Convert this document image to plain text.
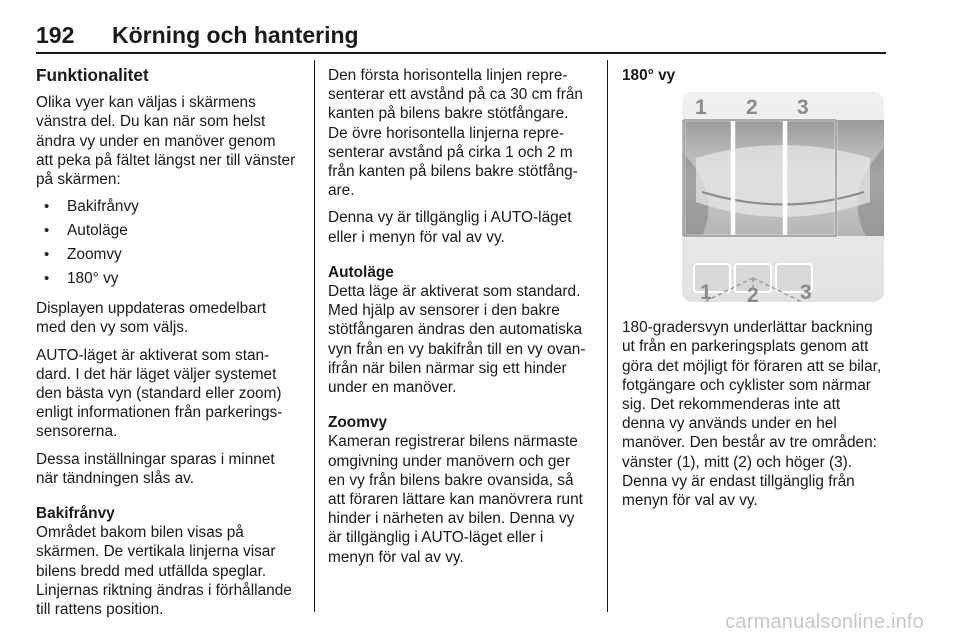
192 Körning och hantering
Funktionalitet

Olika vyer kan väljas i skärmens
vänstra del. Du kan när som helst
ändra vy under en manöver genom
att peka på fältet längst ner till vänster
på skärmen:

• Bakifrånvy
• Autoläge
• Zoomvy
• 180° vy

Displayen uppdateras omedelbart
med den vy som väljs.

AUTO-läget är aktiverat som stan-
dard. I det här läget väljer systemet
den bästa vyn (standard eller zoom)
enligt informationen från parkerings-
sensorerna.

Dessa inställningar sparas i minnet
när tändningen slås av.

Bakifrånvy

Området bakom bilen visas på
skärmen. De vertikala linjerna visar
bilens bredd med utfällda speglar.
Linjernas riktning ändras i förhållande
till rattens position.

Den första horisontella linjen repre-
senterar ett avstånd på ca 30 cm från
kanten på bilens bakre stötfångare.
De övre horisontella linjerna repre-
senterar avstånd på cirka 1 och 2 m
från kanten på bilens bakre stötfång-
are.

Denna vy är tillgänglig i AUTO-läget
eller i menyn för val av vy.

Autoläge

Detta läge är aktiverat som standard.
Med hjälp av sensorer i den bakre
stötfångaren ändras den automatiska
vyn från en vy bakifrån till en vy ovan-
ifrån när bilen närmar sig ett hinder
under en manöver.

Zoomvy

Kameran registrerar bilens närmaste
omgivning under manövern och ger
en vy från bilens bakre ovansida, så
att föraren lättare kan manövrera runt
hinder i närheten av bilen. Denna vy
är tillgänglig i AUTO-läget eller i
menyn för val av vy.

180° vy

180-gradersvyn underlättar backning
ut från en parkeringsplats genom att
göra det möjligt för föraren att se bilar,
fotgängare och cyklister som närmar
sig. Det rekommenderas inte att
denna vy används under en hel
manöver. Den består av tre områden:
vänster (1), mitt (2) och höger (3).
Denna vy är endast tillgänglig från
menyn för val av vy.

1 2 3
1 2 3
carmanualsonline.info
